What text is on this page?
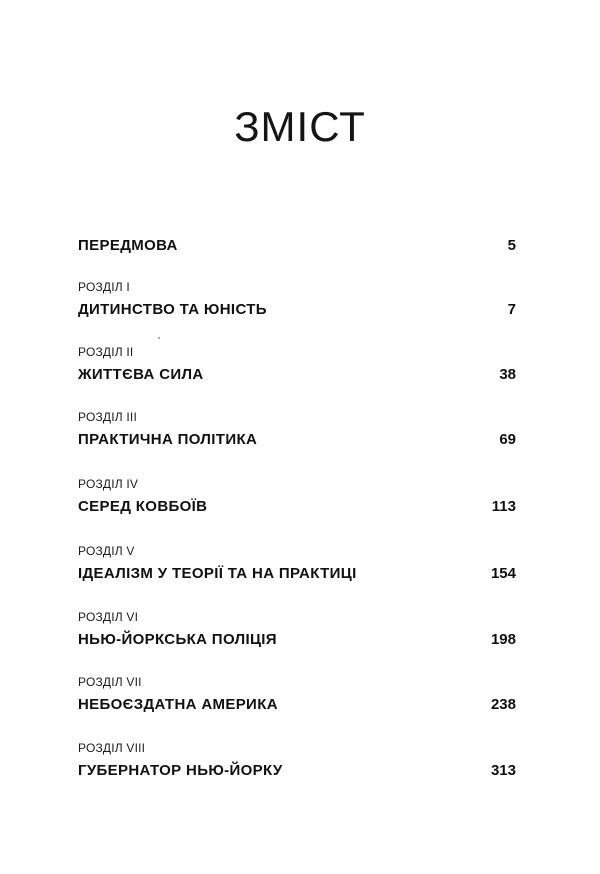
ЗМІСТ
ПЕРЕДМОВА	5
РОЗДІЛ I
ДИТИНСТВО ТА ЮНІСТЬ	7
РОЗДІЛ II
ЖИТТЄВА СИЛА	38
РОЗДІЛ III
ПРАКТИЧНА ПОЛІТИКА	69
РОЗДІЛ IV
СЕРЕД КОВБОЇВ	113
РОЗДІЛ V
ІДЕАЛІЗМ У ТЕОРІЇ ТА НА ПРАКТИЦІ	154
РОЗДІЛ VI
НЬЮ-ЙОРКСЬКА ПОЛІЦІЯ	198
РОЗДІЛ VII
НЕБОЄЗДАТНА АМЕРИКА	238
РОЗДІЛ VIII
ГУБЕРНАТОР НЬЮ-ЙОРКУ	313
